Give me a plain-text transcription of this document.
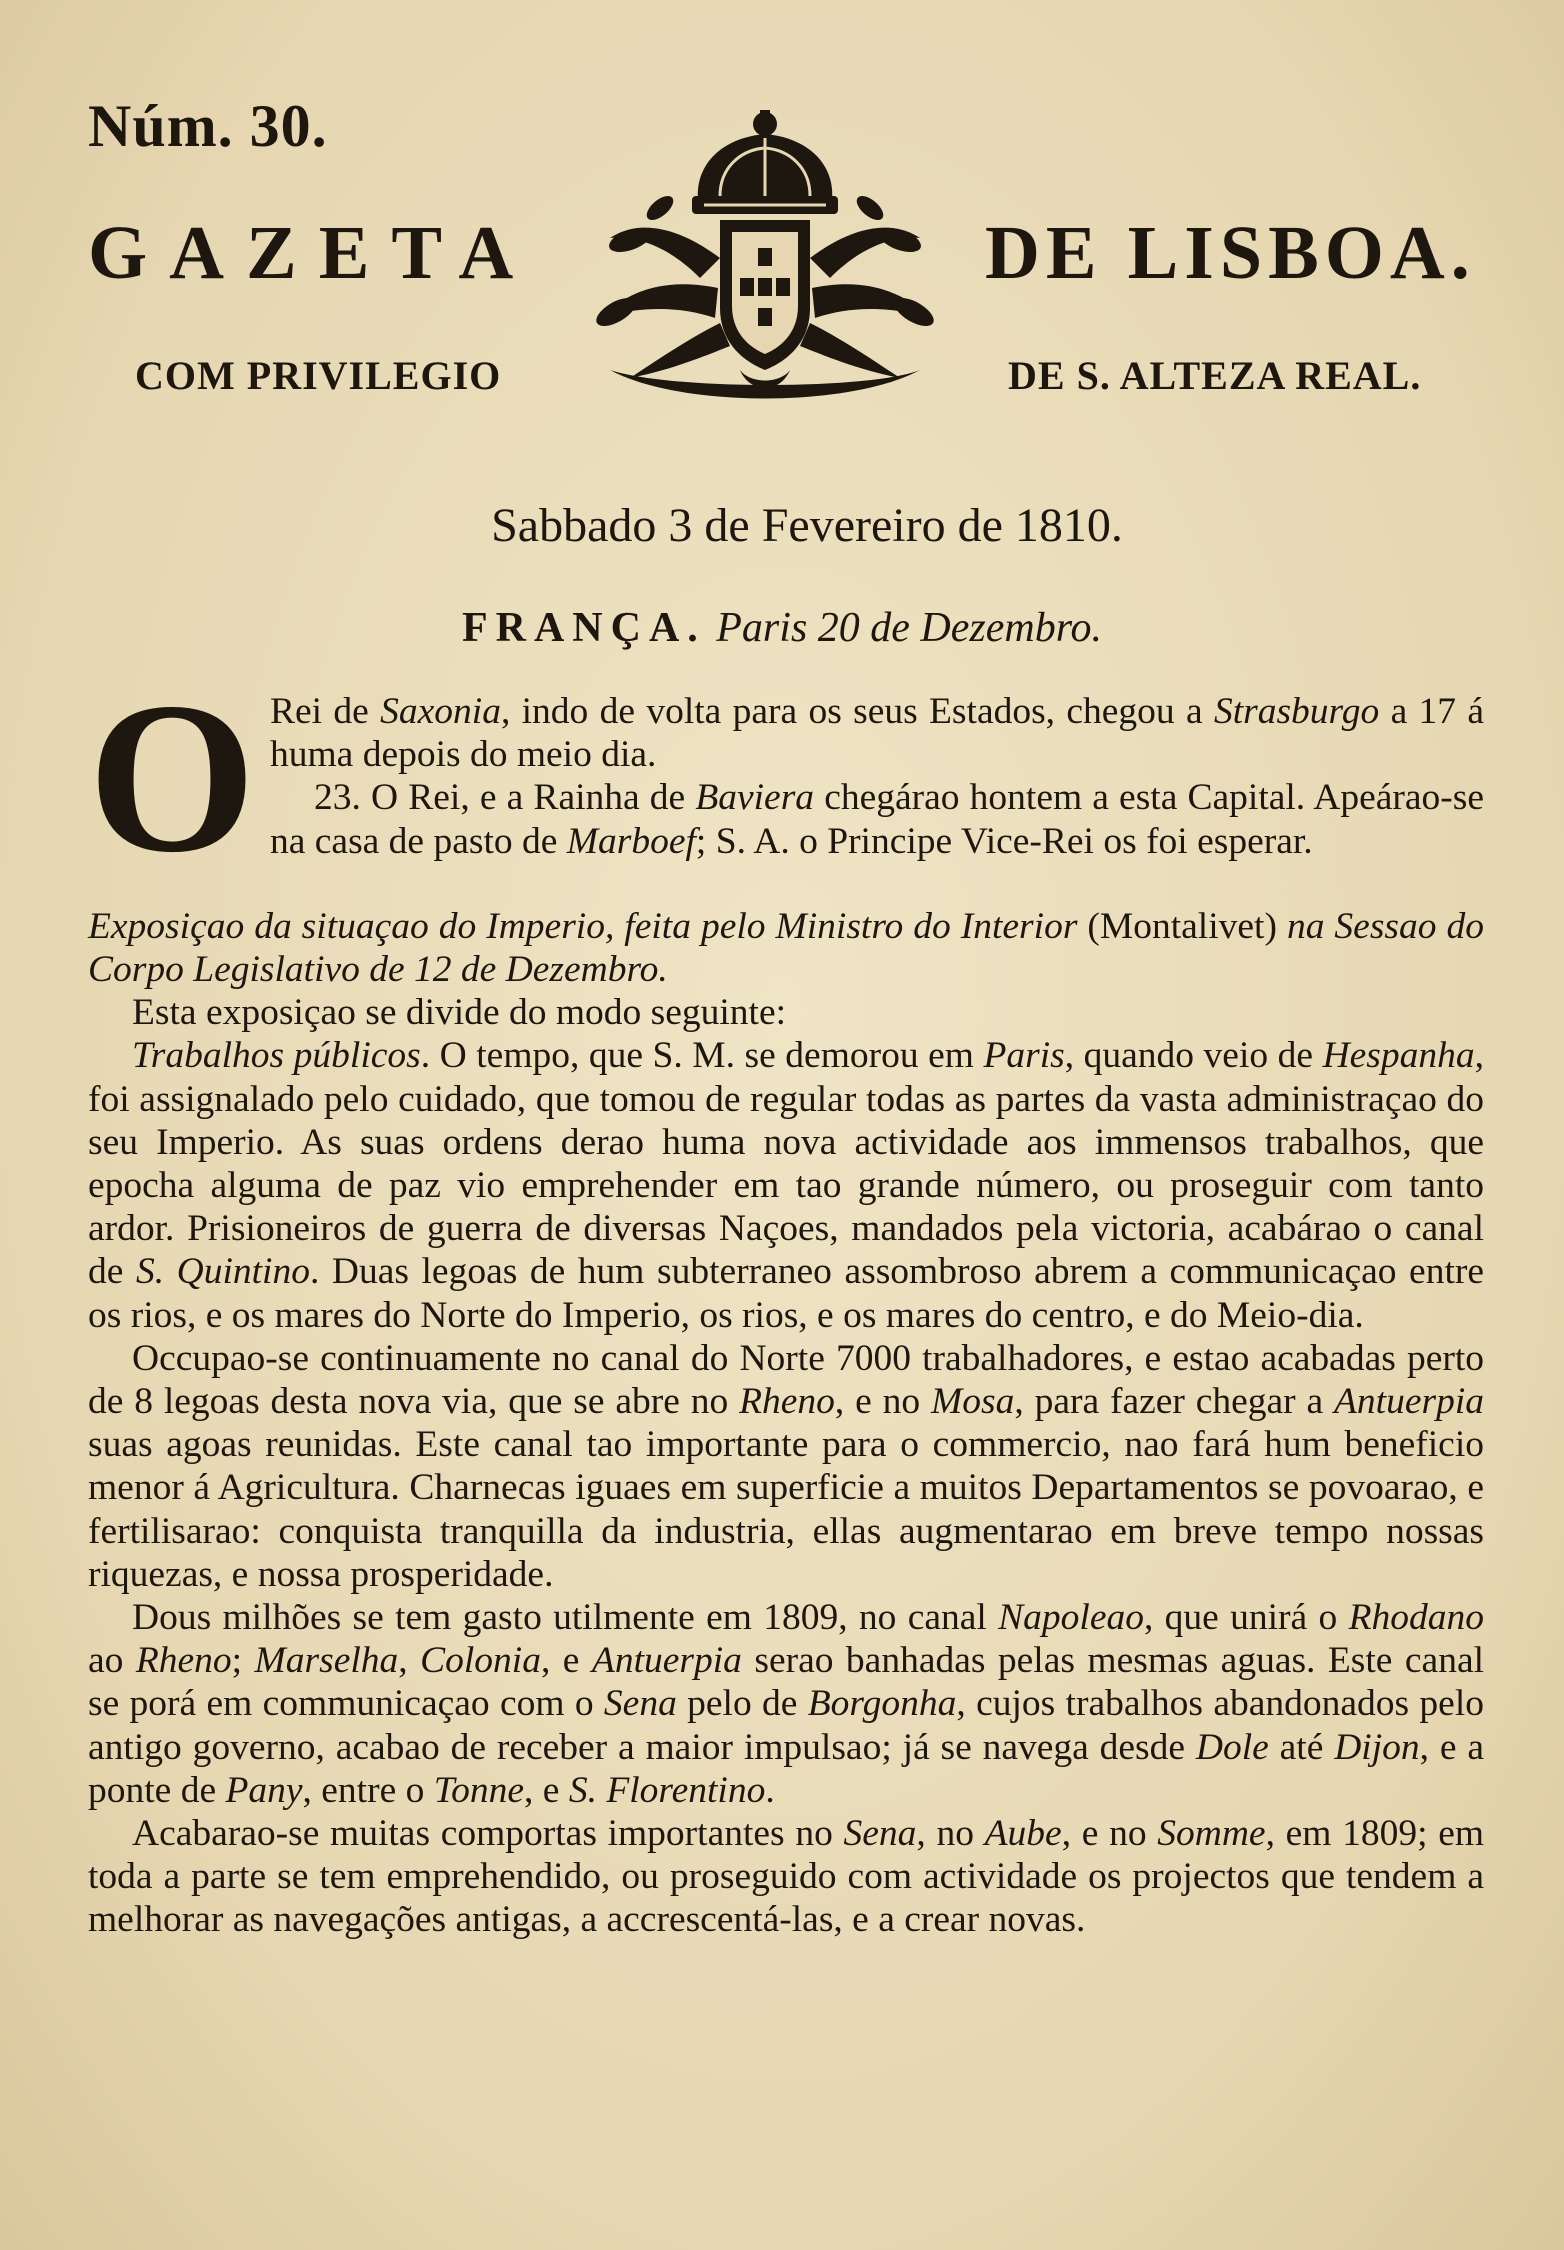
Núm. 30.
GAZETA	DE LISBOA.
COM PRIVILEGIO	DE S. ALTEZA REAL.
Sabbado 3 de Fevereiro de 1810.
FRANÇA. Paris 20 de Dezembro.

O Rei de Saxonia, indo de volta para os seus Estados, chegou a Strasburgo a 17 á huma depois do meio dia.

23. O Rei, e a Rainha de Baviera chegárao hontem a esta Capital. Apeárao-se na casa de pasto de Marboef; S. A. o Principe Vice-Rei os foi esperar.

Exposiçao da situaçao do Imperio, feita pelo Ministro do Interior (Montalivet) na Sessao do Corpo Legislativo de 12 de Dezembro.

Esta exposiçao se divide do modo seguinte:

Trabalhos públicos. O tempo, que S. M. se demorou em Paris, quando veio de Hespanha, foi assignalado pelo cuidado, que tomou de regular todas as partes da vasta administraçao do seu Imperio. As suas ordens derao huma nova actividade aos immensos trabalhos, que epocha alguma de paz vio emprehender em tao grande número, ou proseguir com tanto ardor. Prisioneiros de guerra de diversas Naçoes, mandados pela victoria, acabárao o canal de S. Quintino. Duas legoas de hum subterraneo assombroso abrem a communicaçao entre os rios, e os mares do Norte do Imperio, os rios, e os mares do centro, e do Meio-dia.

Occupao-se continuamente no canal do Norte 7000 trabalhadores, e estao acabadas perto de 8 legoas desta nova via, que se abre no Rheno, e no Mosa, para fazer chegar a Antuerpia suas agoas reunidas. Este canal tao importante para o commercio, nao fará hum beneficio menor á Agricultura. Charnecas iguaes em superficie a muitos Departamentos se povoarao, e fertilisarao: conquista tranquilla da industria, ellas augmentarao em breve tempo nossas riquezas, e nossa prosperidade.

Dous milhões se tem gasto utilmente em 1809, no canal Napoleao, que unirá o Rhodano ao Rheno; Marselha, Colonia, e Antuerpia serao banhadas pelas mesmas aguas. Este canal se porá em communicaçao com o Sena pelo de Borgonha, cujos trabalhos abandonados pelo antigo governo, acabao de receber a maior impulsao; já se navega desde Dole até Dijon, e a ponte de Pany, entre o Tonne, e S. Florentino.

Acabarao-se muitas comportas importantes no Sena, no Aube, e no Somme, em 1809; em toda a parte se tem emprehendido, ou proseguido com actividade os projectos que tendem a melhorar as navegações antigas, a accrescentá-las, e a crear novas.
